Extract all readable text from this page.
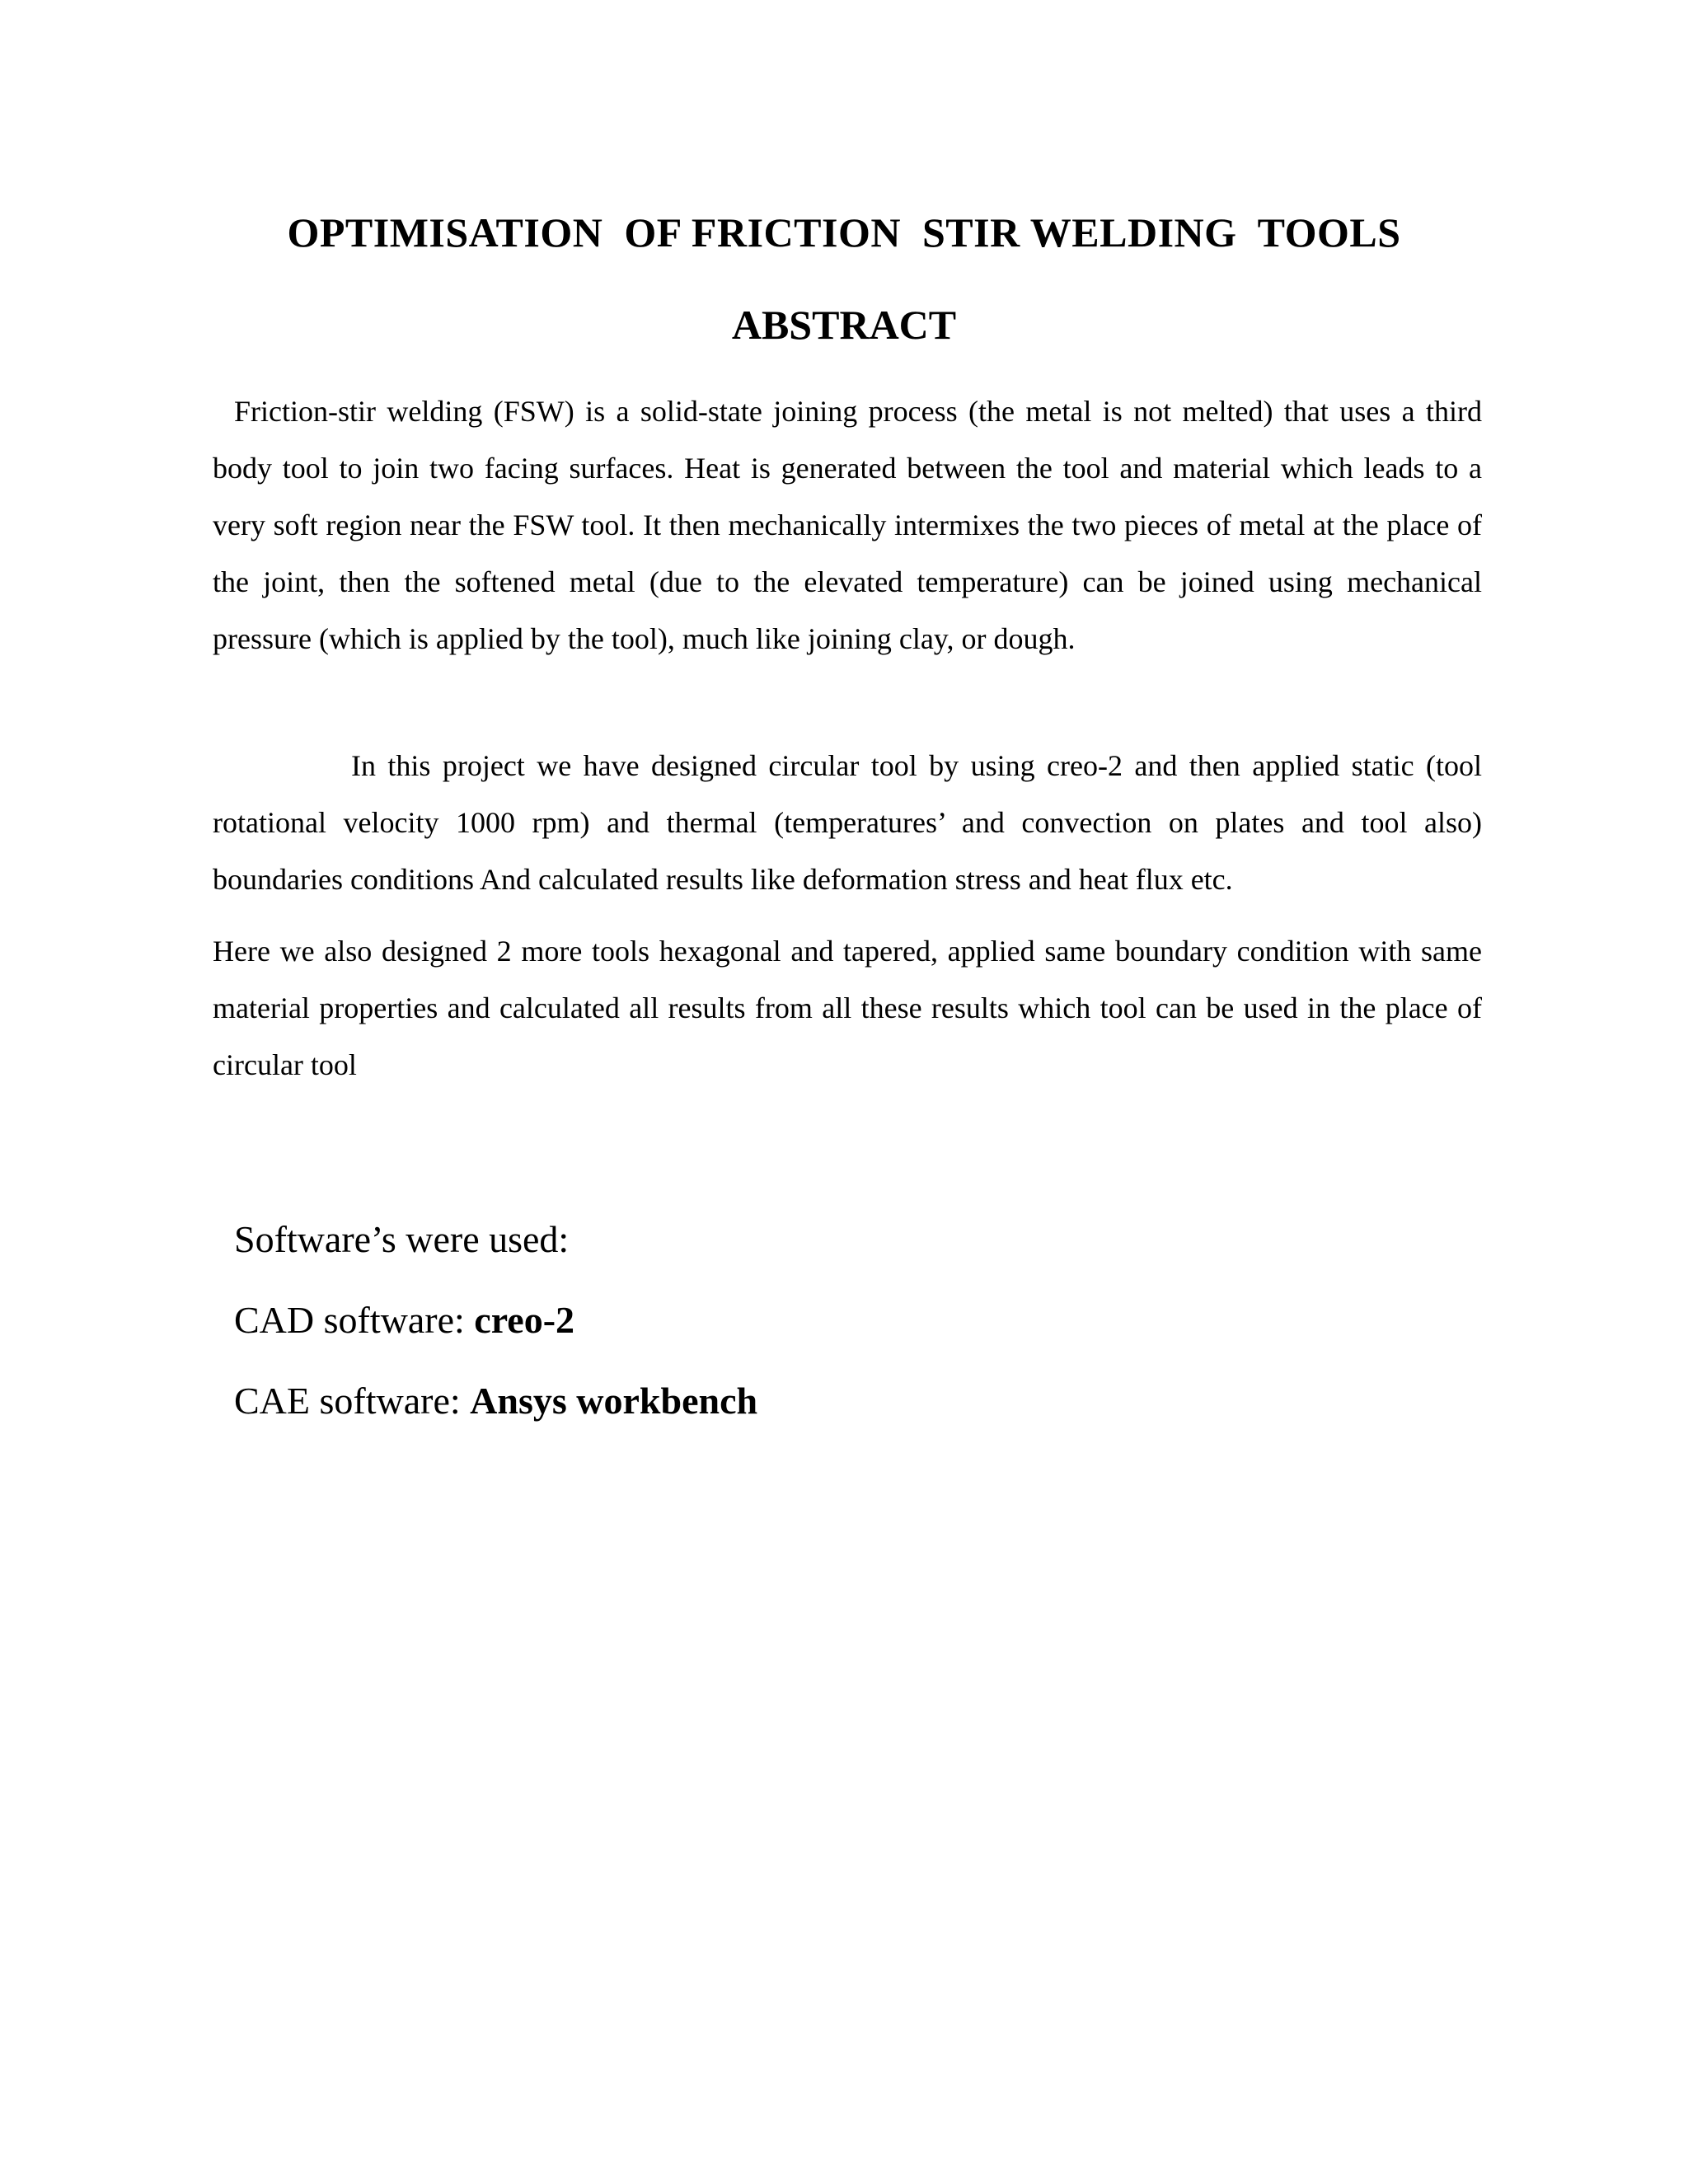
OPTIMISATION  OF FRICTION  STIR WELDING  TOOLS
ABSTRACT

Friction-stir welding (FSW) is a solid-state joining process (the metal is not melted) that uses a third body tool to join two facing surfaces. Heat is generated between the tool and material which leads to a very soft region near the FSW tool. It then mechanically intermixes the two pieces of metal at the place of the joint, then the softened metal (due to the elevated temperature) can be joined using mechanical pressure (which is applied by the tool), much like joining clay, or dough.

In this project we have designed circular tool by using creo-2 and then applied static (tool rotational velocity 1000 rpm) and thermal (temperatures’ and convection on plates and tool also) boundaries conditions And calculated results like deformation stress and heat flux etc.

Here we also designed 2 more tools hexagonal and tapered, applied same boundary condition with same material properties and calculated all results from all these results which tool can be used in the place of circular tool

Software’s were used:
CAD software: creo-2
CAE software: Ansys workbench
